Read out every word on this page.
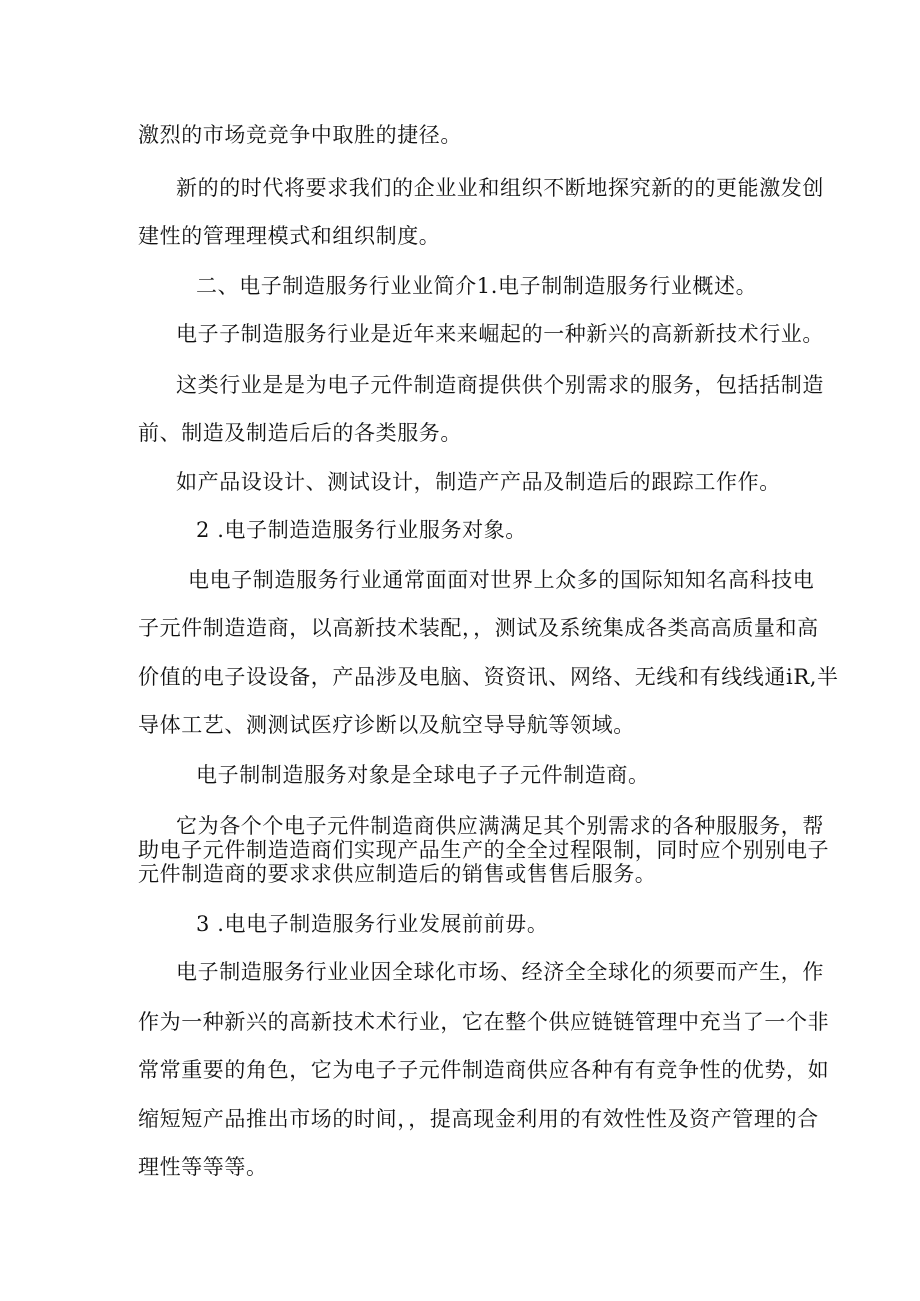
激烈的市场竞竞争中取胜的捷径。
新的的时代将要求我们的企业业和组织不断地探究新的的更能激发创
建性的管理理模式和组织制度。
二、电子制造服务行业业简介1.电子制制造服务行业概述。
电子子制造服务行业是近年来来崛起的一种新兴的高新新技术行业。
这类行业是是为电子元件制造商提供供个别需求的服务，包括括制造
前、制造及制造后后的各类服务。
如产品设设计、测试设计，制造产产品及制造后的跟踪工作作。
2 .电子制造造服务行业服务对象。
电电子制造服务行业通常面面对世界上众多的国际知知名高科技电
子元件制造造商，以高新技术装配，，测试及系统集成各类高高质量和高
价值的电子设设备，产品涉及电脑、资资讯、网络、无线和有线线通iR,半
导体工艺、测测试医疗诊断以及航空导导航等领域。
电子制制造服务对象是全球电子子元件制造商。
它为各个个电子元件制造商供应满满足其个别需求的各种服服务，帮
助电子元件制造造商们实现产品生产的全全过程限制，同时应个别别电子
元件制造商的要求求供应制造后的销售或售售后服务。
3 .电电子制造服务行业发展前前毋。
电子制造服务行业业因全球化市场、经济全全球化的须要而产生，作
作为一种新兴的高新技术术行业，它在整个供应链链管理中充当了一个非
常常重要的角色，它为电子子元件制造商供应各种有有竞争性的优势，如
缩短短产品推出市场的时间，，提高现金利用的有效性性及资产管理的合
理性等等等。
